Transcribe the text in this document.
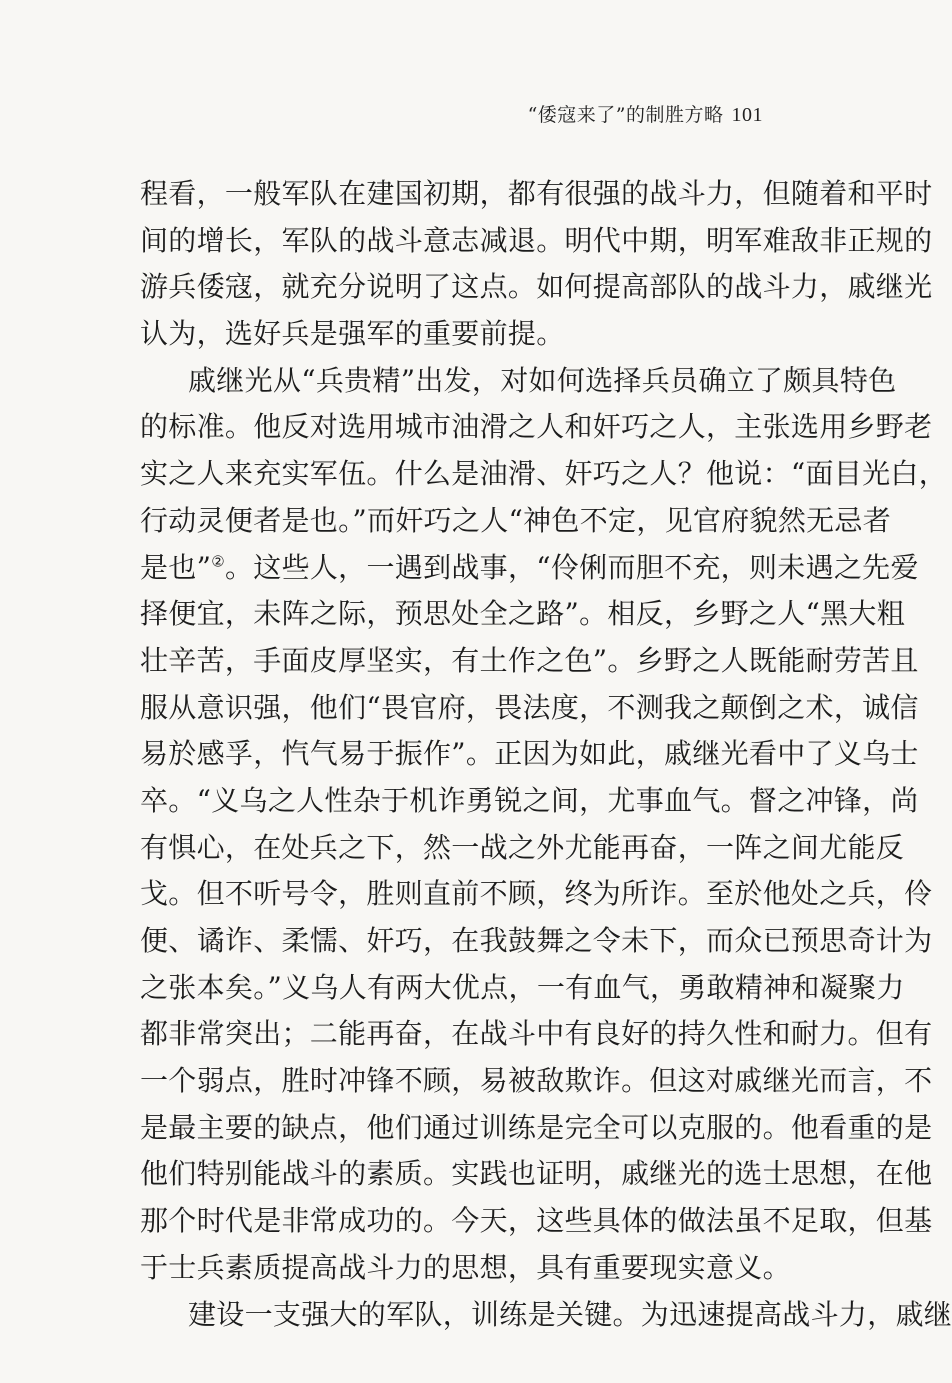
“倭寇来了”的制胜方略 101
程看，一般军队在建国初期，都有很强的战斗力，但随着和平时
间的增长，军队的战斗意志减退。明代中期，明军难敌非正规的
游兵倭寇，就充分说明了这点。如何提高部队的战斗力，戚继光
认为，选好兵是强军的重要前提。
戚继光从“兵贵精”出发，对如何选择兵员确立了颇具特色
的标准。他反对选用城市油滑之人和奸巧之人，主张选用乡野老
实之人来充实军伍。什么是油滑、奸巧之人？他说：“面目光白，
行动灵便者是也。”而奸巧之人“神色不定，见官府貌然无忌者
是也”②。这些人，一遇到战事，“伶俐而胆不充，则未遇之先爱
择便宜，未阵之际，预思处全之路”。相反，乡野之人“黑大粗
壮辛苦，手面皮厚坚实，有土作之色”。乡野之人既能耐劳苦且
服从意识强，他们“畏官府，畏法度，不测我之颠倒之术，诚信
易於感孚，忾气易于振作”。正因为如此，戚继光看中了义乌士
卒。“义乌之人性杂于机诈勇锐之间，尤事血气。督之冲锋，尚
有惧心，在处兵之下，然一战之外尤能再奋，一阵之间尤能反
戈。但不听号令，胜则直前不顾，终为所诈。至於他处之兵，伶
便、谲诈、柔懦、奸巧，在我鼓舞之令未下，而众已预思奇计为
之张本矣。”义乌人有两大优点，一有血气，勇敢精神和凝聚力
都非常突出；二能再奋，在战斗中有良好的持久性和耐力。但有
一个弱点，胜时冲锋不顾，易被敌欺诈。但这对戚继光而言，不
是最主要的缺点，他们通过训练是完全可以克服的。他看重的是
他们特别能战斗的素质。实践也证明，戚继光的选士思想，在他
那个时代是非常成功的。今天，这些具体的做法虽不足取，但基
于士兵素质提高战斗力的思想，具有重要现实意义。
建设一支强大的军队，训练是关键。为迅速提高战斗力，戚继
